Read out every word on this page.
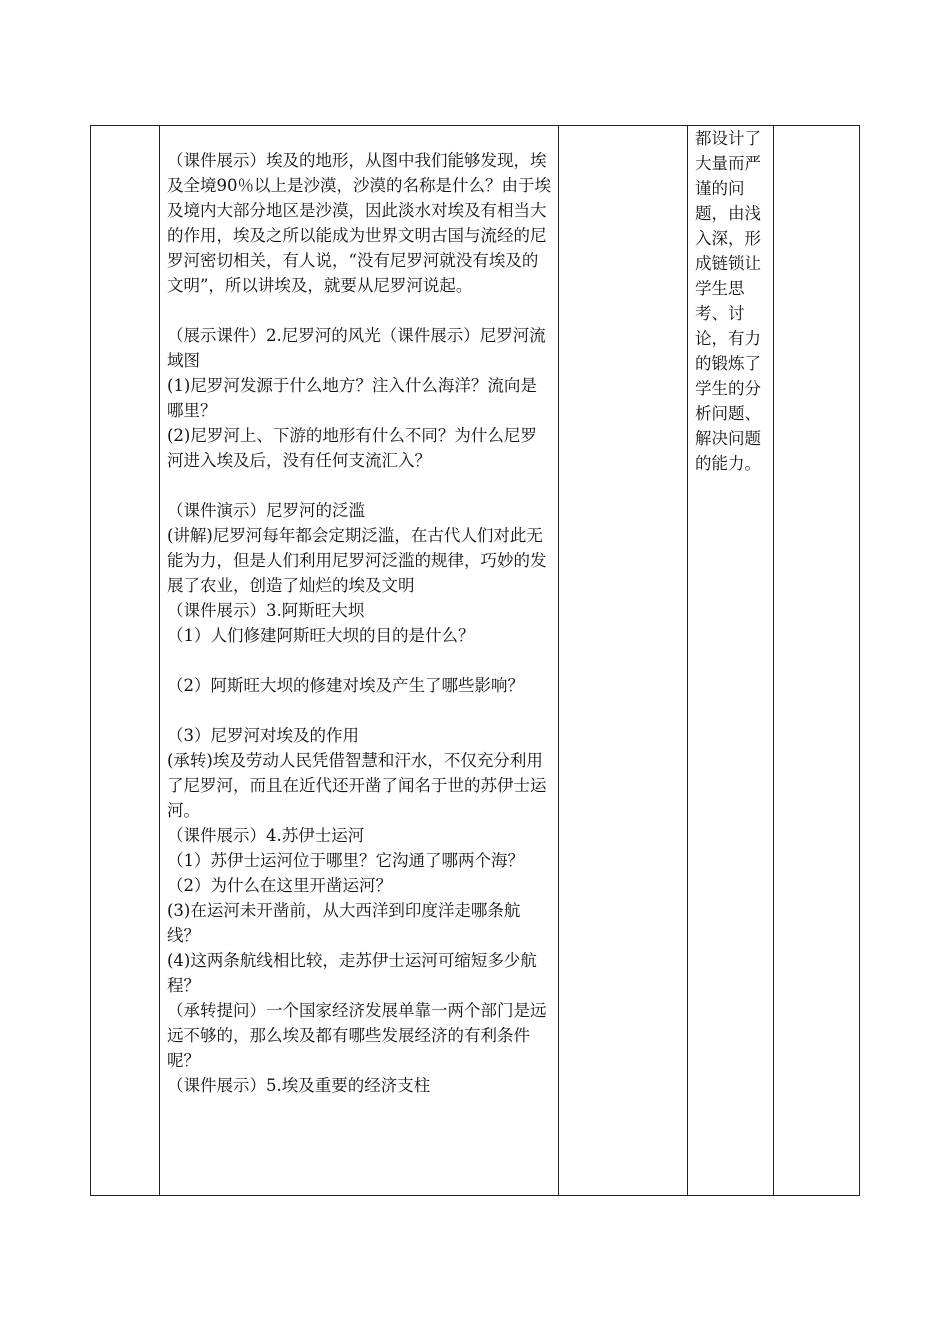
（课件展示）埃及的地形，从图中我们能够发现，埃及全境90％以上是沙漠，沙漠的名称是什么？由于埃及境内大部分地区是沙漠，因此淡水对埃及有相当大的作用，埃及之所以能成为世界文明古国与流经的尼罗河密切相关，有人说，“没有尼罗河就没有埃及的文明”，所以讲埃及，就要从尼罗河说起。

（展示课件）2.尼罗河的风光（课件展示）尼罗河流域图

(1)尼罗河发源于什么地方？注入什么海洋？流向是哪里？

(2)尼罗河上、下游的地形有什么不同？为什么尼罗河进入埃及后，没有任何支流汇入？

（课件演示）尼罗河的泛滥

(讲解)尼罗河每年都会定期泛滥，在古代人们对此无能为力，但是人们利用尼罗河泛滥的规律，巧妙的发展了农业，创造了灿烂的埃及文明

（课件展示）3.阿斯旺大坝

（1）人们修建阿斯旺大坝的目的是什么？

（2）阿斯旺大坝的修建对埃及产生了哪些影响？

（3）尼罗河对埃及的作用

(承转)埃及劳动人民凭借智慧和汗水，不仅充分利用了尼罗河，而且在近代还开凿了闻名于世的苏伊士运河。

（课件展示）4.苏伊士运河

（1）苏伊士运河位于哪里？它沟通了哪两个海？

（2）为什么在这里开凿运河？

(3)在运河未开凿前，从大西洋到印度洋走哪条航线？

(4)这两条航线相比较，走苏伊士运河可缩短多少航程？

（承转提问）一个国家经济发展单靠一两个部门是远远不够的，那么埃及都有哪些发展经济的有利条件呢？

（课件展示）5.埃及重要的经济支柱

都设计了大量而严谨的问题，由浅入深，形成链锁让学生思考、讨论，有力的锻炼了学生的分析问题、解决问题的能力。
